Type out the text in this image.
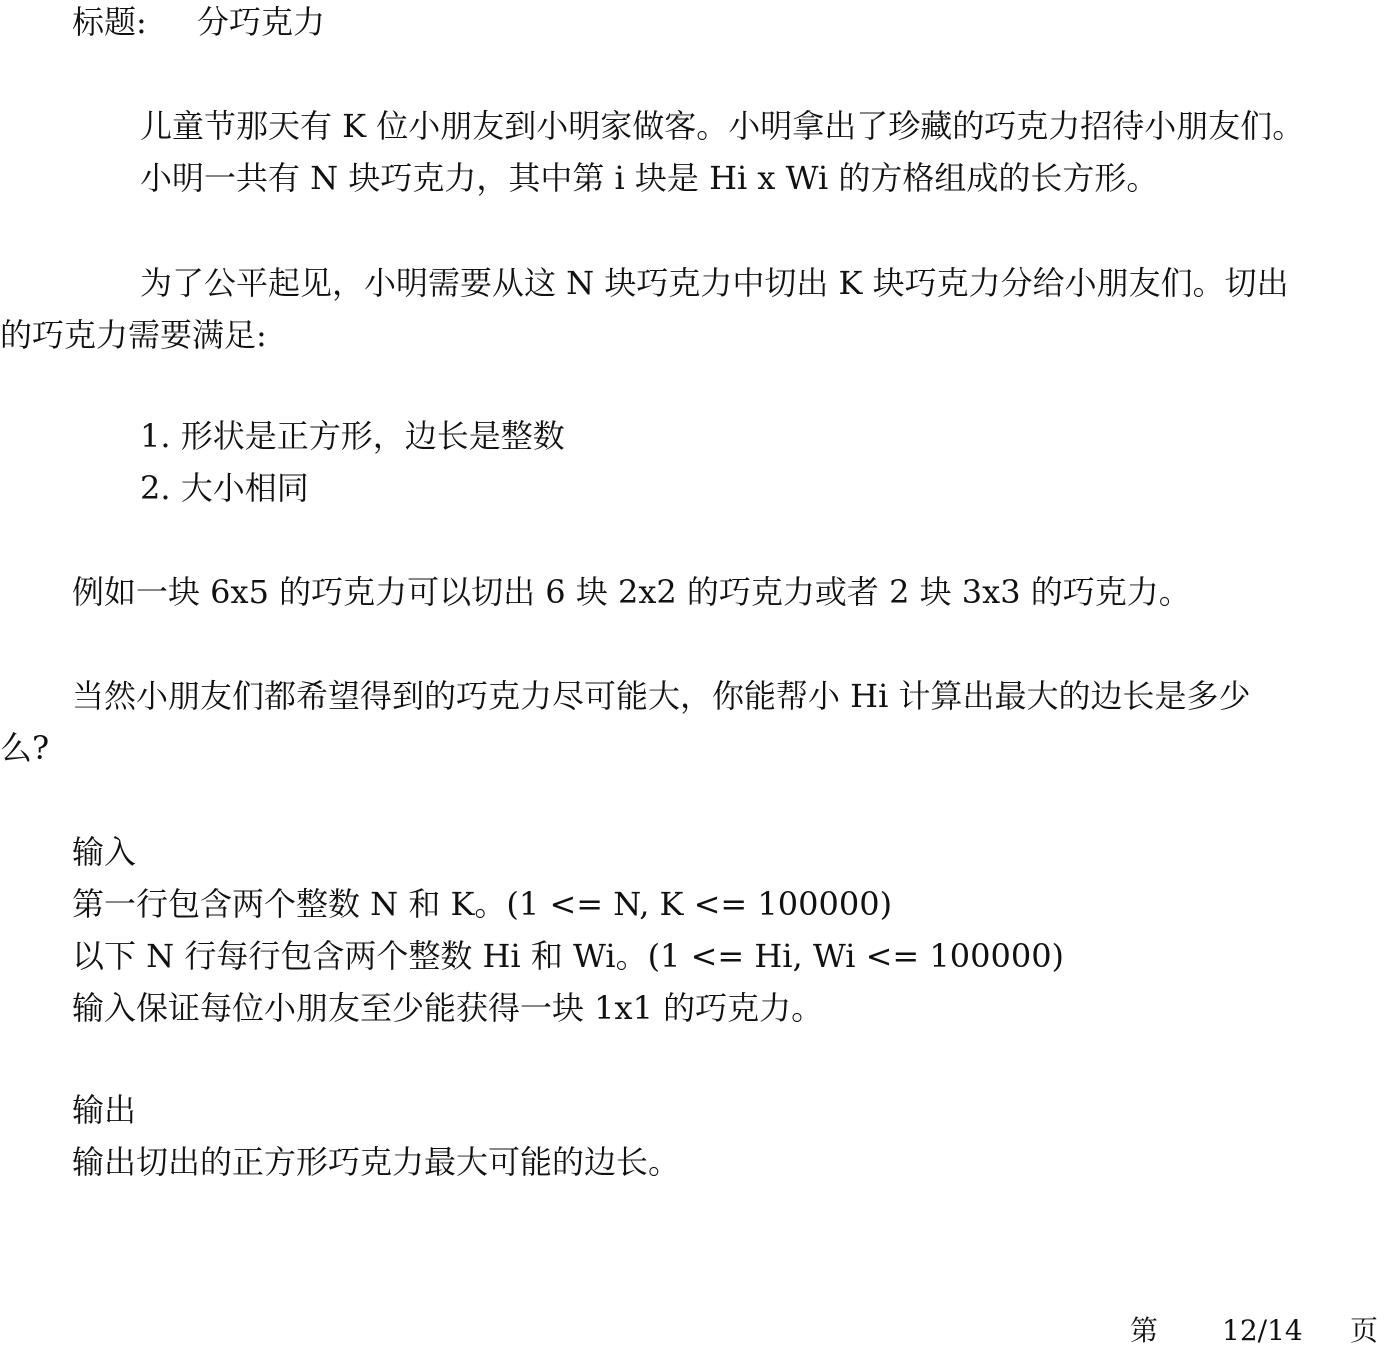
标题: 分巧克力
儿童节那天有 K 位小朋友到小明家做客。小明拿出了珍藏的巧克力招待小朋友们。
小明一共有 N 块巧克力，其中第 i 块是 Hi x Wi 的方格组成的长方形。
为了公平起见，小明需要从这 N 块巧克力中切出 K 块巧克力分给小朋友们。切出
的巧克力需要满足:
1. 形状是正方形，边长是整数
2. 大小相同
例如一块 6x5 的巧克力可以切出 6 块 2x2 的巧克力或者 2 块 3x3 的巧克力。
当然小朋友们都希望得到的巧克力尽可能大，你能帮小 Hi 计算出最大的边长是多少
么?
输入
第一行包含两个整数 N 和 K。(1 <= N, K <= 100000)
以下 N 行每行包含两个整数 Hi 和 Wi。(1 <= Hi, Wi <= 100000)
输入保证每位小朋友至少能获得一块 1x1 的巧克力。
输出
输出切出的正方形巧克力最大可能的边长。
第 12/14 页
